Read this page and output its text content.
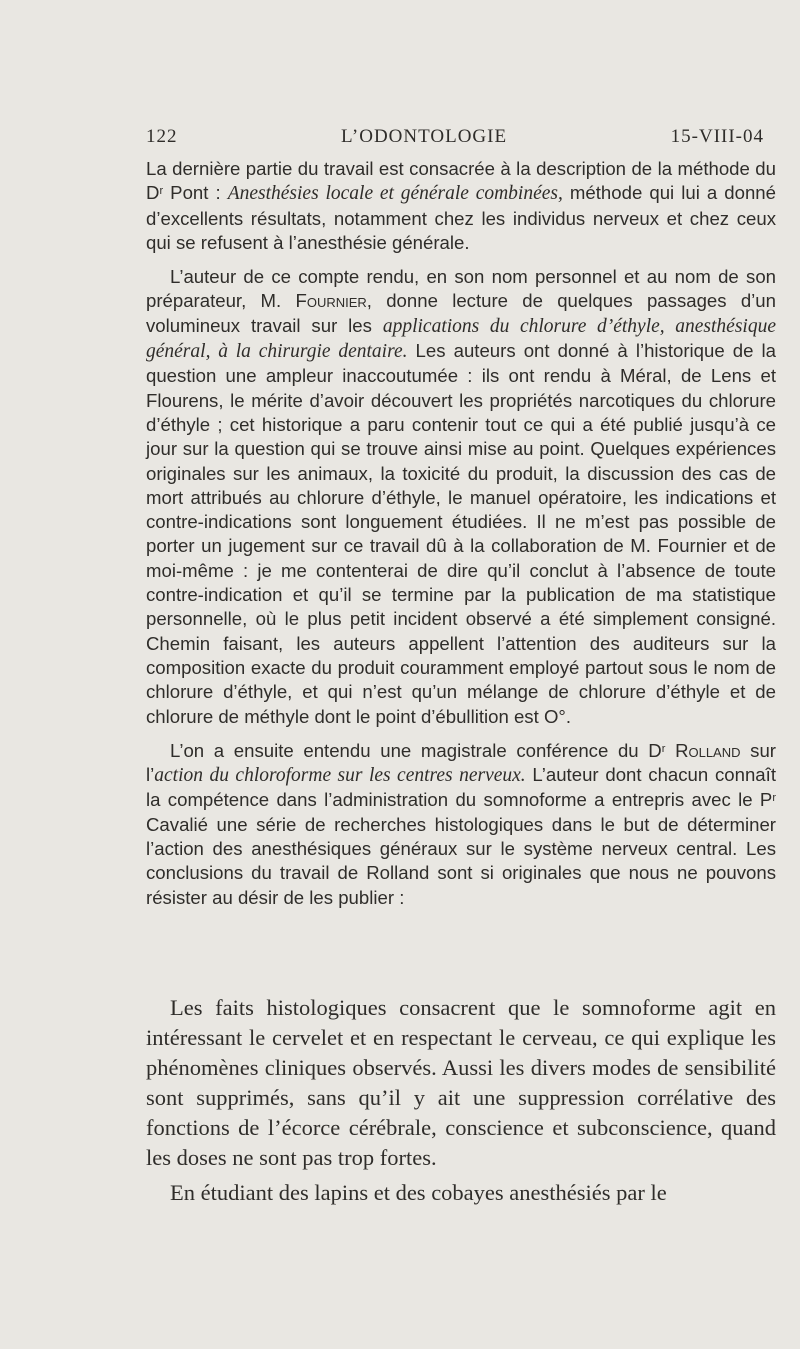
122	L’ODONTOLOGIE	15-VIII-04

La dernière partie du travail est consacrée à la description de la méthode du $D^r$ Pont : Anesthésies locale et générale combinées, méthode qui lui a donné d’excellents résultats, notamment chez les individus nerveux et chez ceux qui se refusent à l’anesthésie générale.

L’auteur de ce compte rendu, en son nom personnel et au nom de son préparateur, M. Fournier, donne lecture de quelques passages d’un volumineux travail sur les applications du chlorure d’éthyle, anesthésique général, à la chirurgie dentaire. Les auteurs ont donné à l’historique de la question une ampleur inaccoutumée : ils ont rendu à Méral, de Lens et Flourens, le mérite d’avoir découvert les propriétés narcotiques du chlorure d’éthyle ; cet historique a paru contenir tout ce qui a été publié jusqu’à ce jour sur la question qui se trouve ainsi mise au point. Quelques expériences originales sur les animaux, la toxicité du produit, la discussion des cas de mort attribués au chlorure d’éthyle, le manuel opératoire, les indications et contre-indications sont longuement étudiées. Il ne m’est pas possible de porter un jugement sur ce travail dû à la collaboration de M. Fournier et de moi-même : je me contenterai de dire qu’il conclut à l’absence de toute contre-indication et qu’il se termine par la publication de ma statistique personnelle, où le plus petit incident observé a été simplement consigné. Chemin faisant, les auteurs appellent l’attention des auditeurs sur la composition exacte du produit couramment employé partout sous le nom de chlorure d’éthyle, et qui n’est qu’un mélange de chlorure d’éthyle et de chlorure de méthyle dont le point d’ébullition est O°.

L’on a ensuite entendu une magistrale conférence du $D^r$ Rolland sur l’action du chloroforme sur les centres nerveux. L’auteur dont chacun connaît la compétence dans l’administration du somnoforme a entrepris avec le $P^r$ Cavalié une série de recherches histologiques dans le but de déterminer l’action des anesthésiques généraux sur le système nerveux central. Les conclusions du travail de Rolland sont si originales que nous ne pouvons résister au désir de les publier :

Les faits histologiques consacrent que le somnoforme agit en intéressant le cervelet et en respectant le cerveau, ce qui explique les phénomènes cliniques observés. Aussi les divers modes de sensibilité sont supprimés, sans qu’il y ait une suppression corrélative des fonctions de l’écorce cérébrale, conscience et subconscience, quand les doses ne sont pas trop fortes.

En étudiant des lapins et des cobayes anesthésiés par le
